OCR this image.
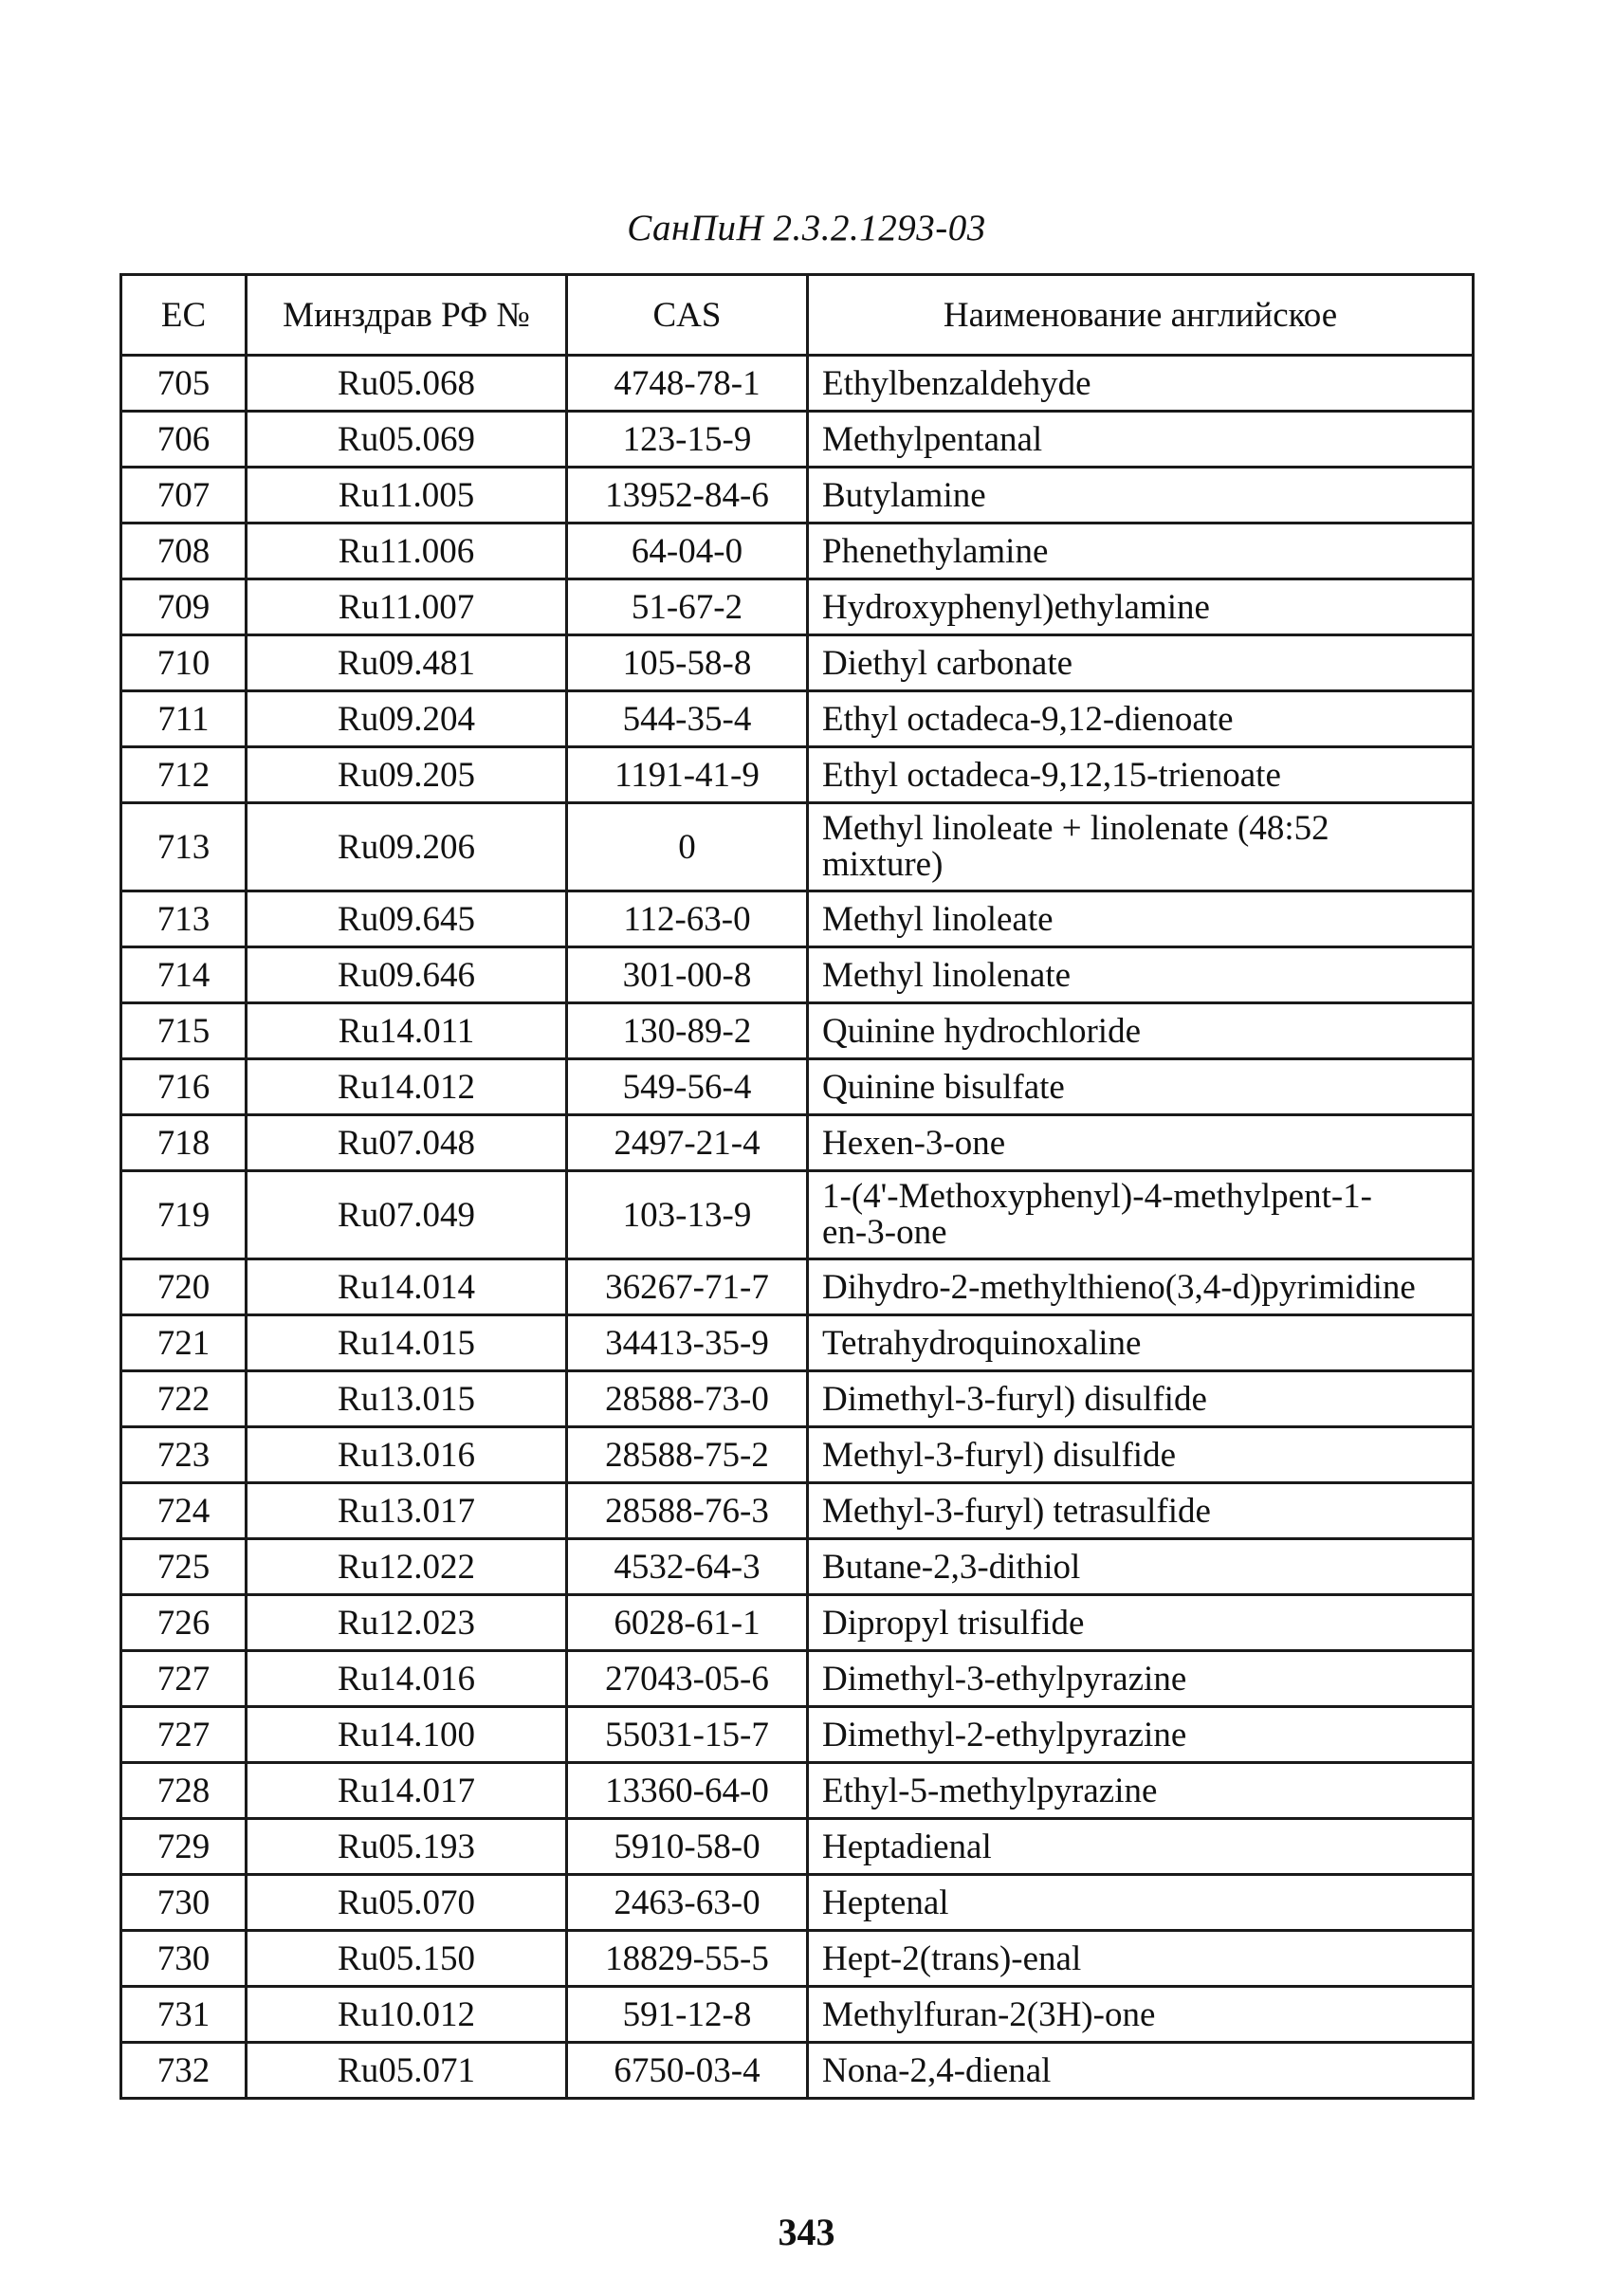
СанПиН 2.3.2.1293-03
ЕС	Минздрав РФ №	CAS	Наименование английское
705	Ru05.068	4748-78-1	Ethylbenzaldehyde
706	Ru05.069	123-15-9	Methylpentanal
707	Ru11.005	13952-84-6	Butylamine
708	Ru11.006	64-04-0	Phenethylamine
709	Ru11.007	51-67-2	Hydroxyphenyl)ethylamine
710	Ru09.481	105-58-8	Diethyl carbonate
711	Ru09.204	544-35-4	Ethyl octadeca-9,12-dienoate
712	Ru09.205	1191-41-9	Ethyl octadeca-9,12,15-trienoate
713	Ru09.206	0	Methyl linoleate + linolenate (48:52
mixture)

713	Ru09.645	112-63-0	Methyl linoleate
714	Ru09.646	301-00-8	Methyl linolenate
715	Ru14.011	130-89-2	Quinine hydrochloride
716	Ru14.012	549-56-4	Quinine bisulfate
718	Ru07.048	2497-21-4	Hexen-3-one
719	Ru07.049	103-13-9	1-(4'-Methoxyphenyl)-4-methylpent-1-
en-3-one

720	Ru14.014	36267-71-7	Dihydro-2-methylthieno(3,4-d)pyrimidine
721	Ru14.015	34413-35-9	Tetrahydroquinoxaline
722	Ru13.015	28588-73-0	Dimethyl-3-furyl) disulfide
723	Ru13.016	28588-75-2	Methyl-3-furyl) disulfide
724	Ru13.017	28588-76-3	Methyl-3-furyl) tetrasulfide
725	Ru12.022	4532-64-3	Butane-2,3-dithiol
726	Ru12.023	6028-61-1	Dipropyl trisulfide
727	Ru14.016	27043-05-6	Dimethyl-3-ethylpyrazine
727	Ru14.100	55031-15-7	Dimethyl-2-ethylpyrazine
728	Ru14.017	13360-64-0	Ethyl-5-methylpyrazine
729	Ru05.193	5910-58-0	Heptadienal
730	Ru05.070	2463-63-0	Heptenal
730	Ru05.150	18829-55-5	Hept-2(trans)-enal
731	Ru10.012	591-12-8	Methylfuran-2(3H)-one
732	Ru05.071	6750-03-4	Nona-2,4-dienal
343
